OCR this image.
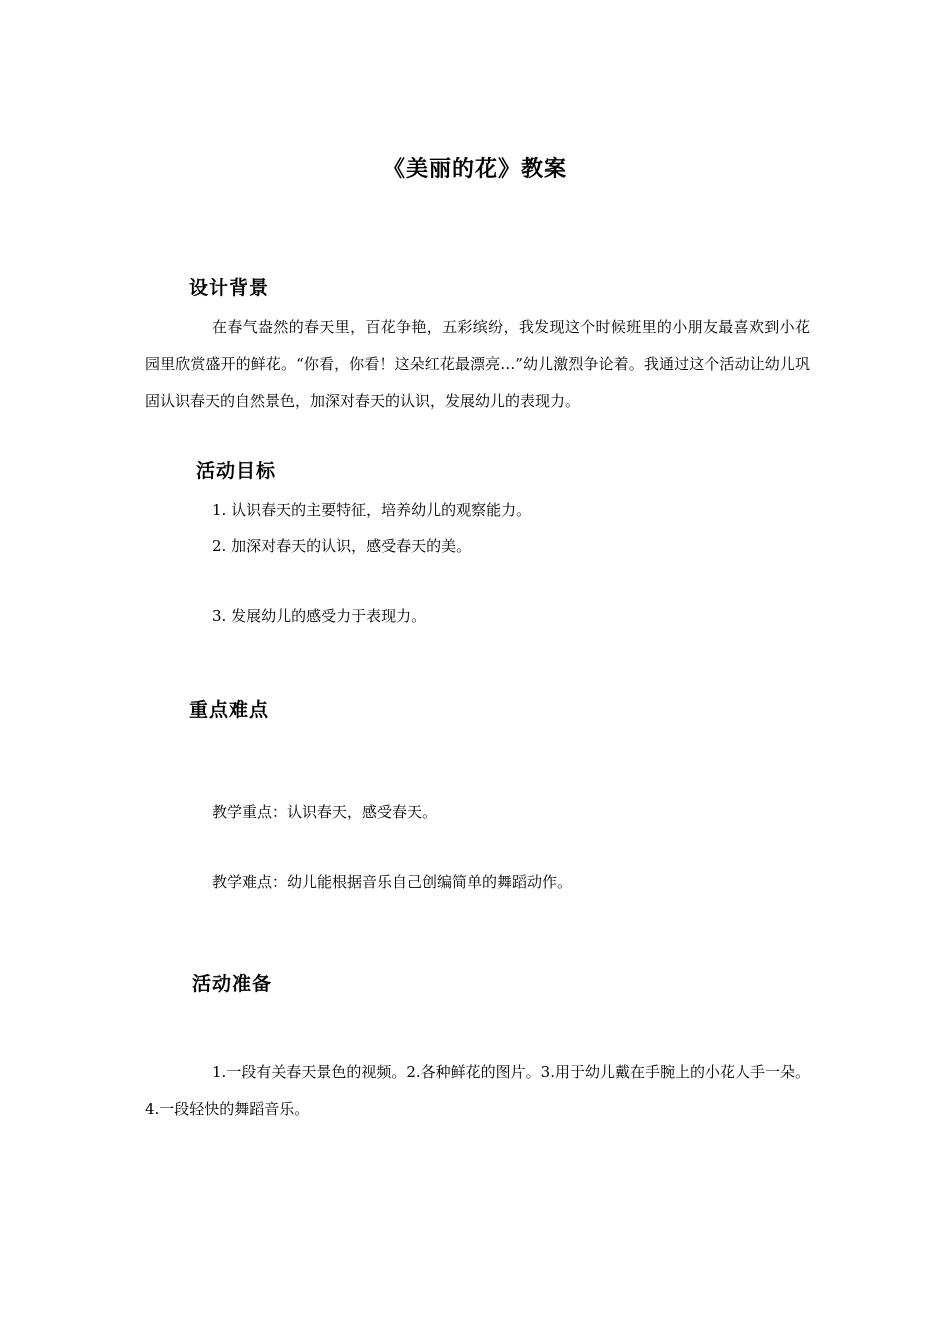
《美丽的花》教案
设计背景
在春气盎然的春天里，百花争艳，五彩缤纷，我发现这个时候班里的小朋友最喜欢到小花园里欣赏盛开的鲜花。“你看，你看！这朵红花最漂亮…”幼儿激烈争论着。我通过这个活动让幼儿巩固认识春天的自然景色，加深对春天的认识，发展幼儿的表现力。
活动目标
1. 认识春天的主要特征，培养幼儿的观察能力。
2. 加深对春天的认识，感受春天的美。
3. 发展幼儿的感受力于表现力。
重点难点
教学重点：认识春天，感受春天。
教学难点：幼儿能根据音乐自己创编简单的舞蹈动作。
活动准备
1.一段有关春天景色的视频。2.各种鲜花的图片。3.用于幼儿戴在手腕上的小花人手一朵。4.一段轻快的舞蹈音乐。
